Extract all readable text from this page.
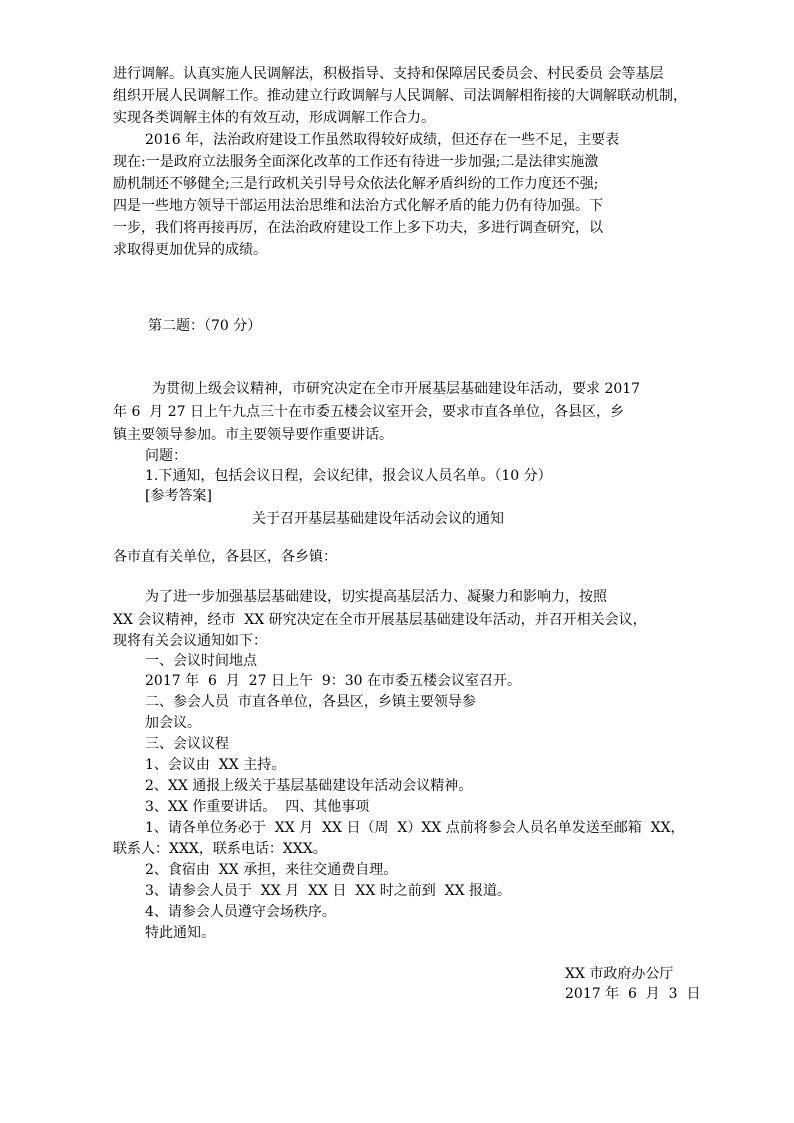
进行调解。认真实施人民调解法，积极指导、支持和保障居民委员会、村民委员 会等基层
组织开展人民调解工作。推动建立行政调解与人民调解、司法调解相衔接的大调解联动机制，
实现各类调解主体的有效互动，形成调解工作合力。
2016 年，法治政府建设工作虽然取得较好成绩，但还存在一些不足，主要表
现在:一是政府立法服务全面深化改革的工作还有待进一步加强;二是法律实施激
励机制还不够健全;三是行政机关引导号众依法化解矛盾纠纷的工作力度还不强;
四是一些地方领导干部运用法治思维和法治方式化解矛盾的能力仍有待加强。下
一步，我们将再接再厉，在法治政府建设工作上多下功夫，多进行调查研究，以
求取得更加优异的成绩。
第二题：（70 分）
为贯彻上级会议精神，市研究决定在全市开展基层基础建设年活动，要求 2017
年 6  月 27 日上午九点三十在市委五楼会议室开会，要求市直各单位，各县区，乡
镇主要领导参加。市主要领导要作重要讲话。
问题：
1.下通知，包括会议日程，会议纪律，报会议人员名单。（10 分）
[参考答案]
关于召开基层基础建设年活动会议的通知
各市直有关单位，各县区，各乡镇：
为了进一步加强基层基础建设，切实提高基层活力、凝聚力和影响力，按照
XX 会议精神，经市  XX 研究决定在全市开展基层基础建设年活动，并召开相关会议，
现将有关会议通知如下：
一、会议时间地点
2017 年  6  月  27 日上午  9：30 在市委五楼会议室召开。
二、参会人员  市直各单位，各县区，乡镇主要领导参
加会议。
三、会议议程
1、会议由  XX 主持。
2、XX 通报上级关于基层基础建设年活动会议精神。
3、XX 作重要讲话。  四、其他事项
1、请各单位务必于  XX 月  XX 日（周  X）XX 点前将参会人员名单发送至邮箱  XX，
联系人：XXX，联系电话：XXX。
2、食宿由  XX 承担，来往交通费自理。
3、请参会人员于  XX 月  XX 日  XX 时之前到  XX 报道。
4、请参会人员遵守会场秩序。
特此通知。
XX 市政府办公厅
2017 年  6  月  3  日
